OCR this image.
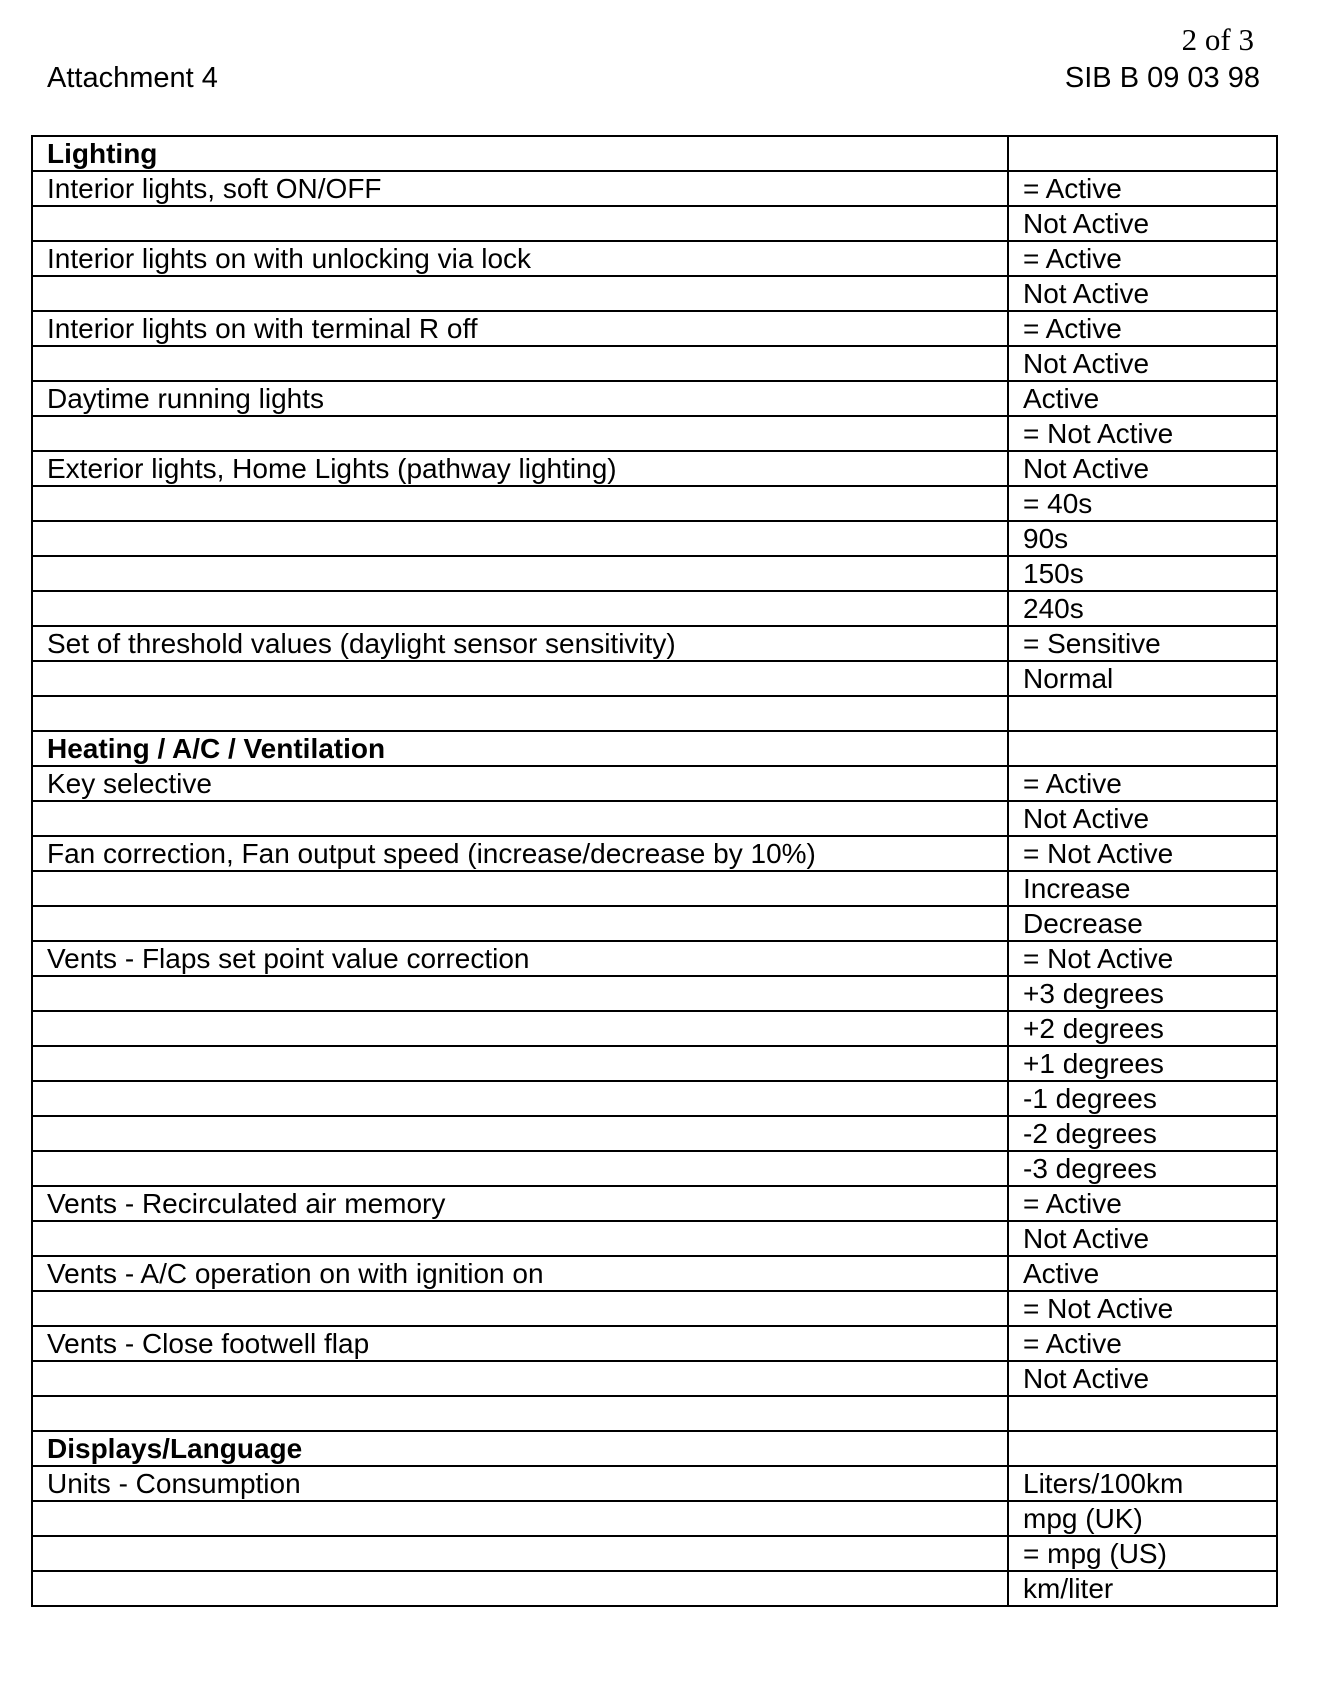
2 of 3
Attachment 4	SIB B 09 03 98
Lighting	
Interior lights, soft ON/OFF	= Active
	Not Active
Interior lights on with unlocking via lock	= Active
	Not Active
Interior lights on with terminal R off	= Active
	Not Active
Daytime running lights	Active
	= Not Active
Exterior lights, Home Lights (pathway lighting)	Not Active
	= 40s
	90s
	150s
	240s
Set of threshold values (daylight sensor sensitivity)	= Sensitive
	Normal

Heating / A/C / Ventilation	
Key selective	= Active
	Not Active
Fan correction, Fan output speed (increase/decrease by 10%)	= Not Active
	Increase
	Decrease
Vents - Flaps set point value correction	= Not Active
	+3 degrees
	+2 degrees
	+1 degrees
	-1 degrees
	-2 degrees
	-3 degrees
Vents - Recirculated air memory	= Active
	Not Active
Vents - A/C operation on with ignition on	Active
	= Not Active
Vents - Close footwell flap	= Active
	Not Active

Displays/Language	
Units - Consumption	Liters/100km
	mpg (UK)
	= mpg (US)
	km/liter
